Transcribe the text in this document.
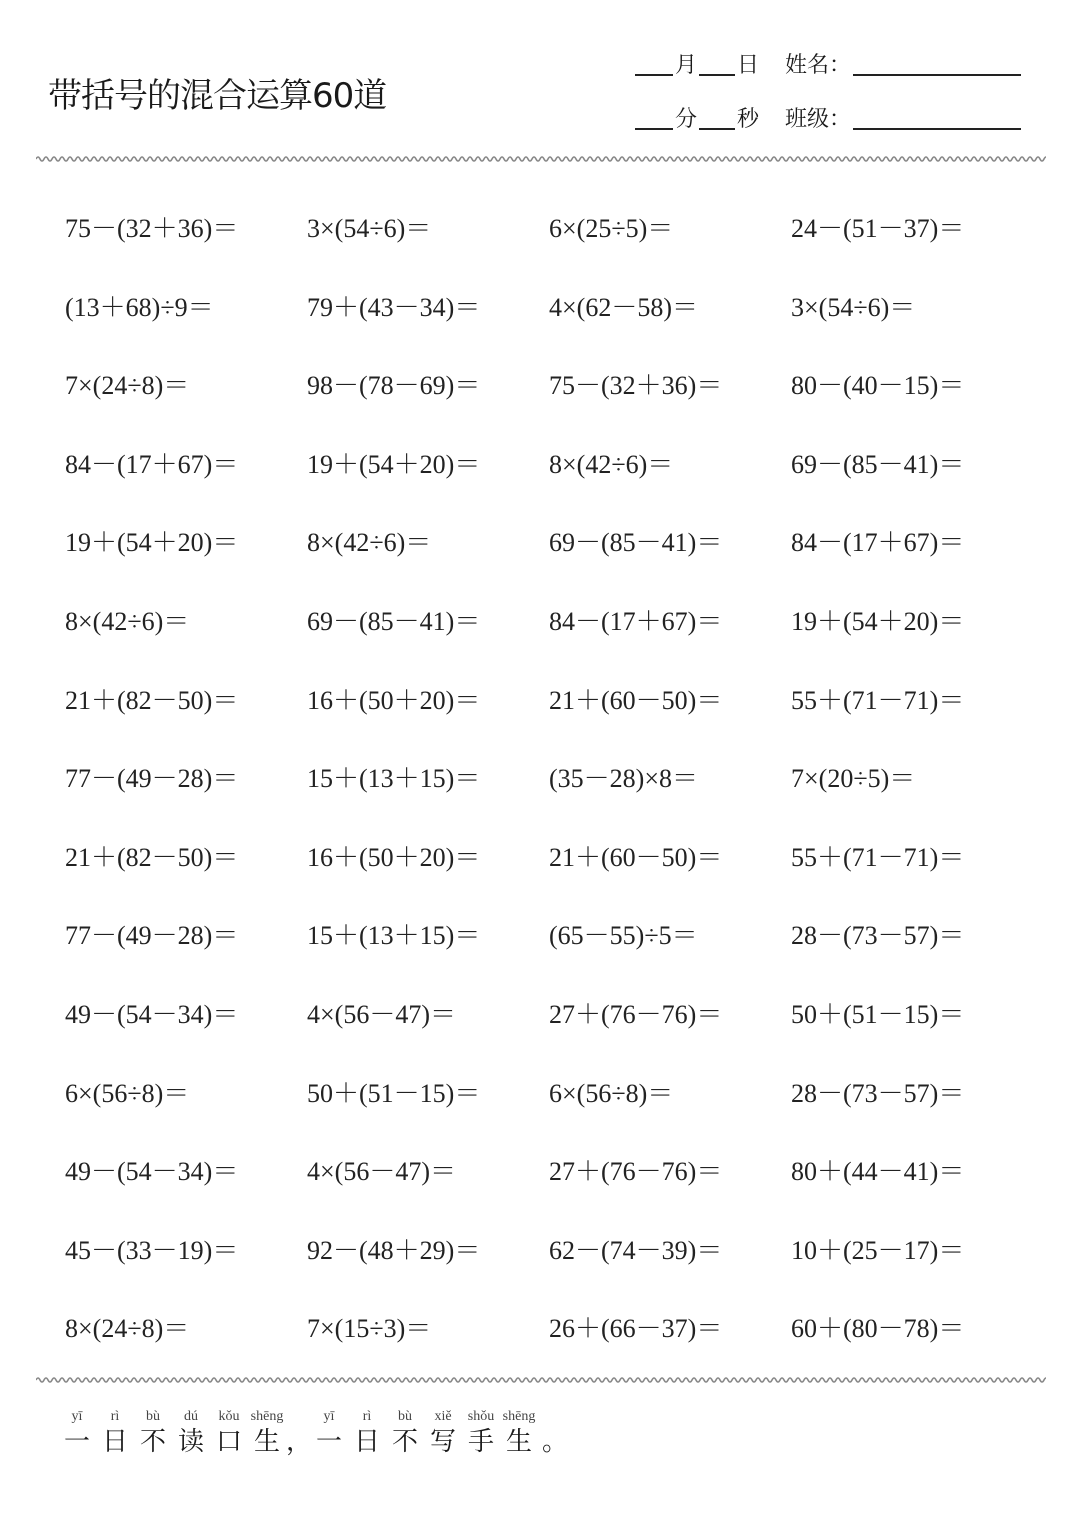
带括号的混合运算60道
月 日 姓名：
分 秒 班级：
75－(32＋36)＝	3×(54÷6)＝	6×(25÷5)＝	24－(51－37)＝
(13＋68)÷9＝	79＋(43－34)＝	4×(62－58)＝	3×(54÷6)＝
7×(24÷8)＝	98－(78－69)＝	75－(32＋36)＝	80－(40－15)＝
84－(17＋67)＝	19＋(54＋20)＝	8×(42÷6)＝	69－(85－41)＝
19＋(54＋20)＝	8×(42÷6)＝	69－(85－41)＝	84－(17＋67)＝
8×(42÷6)＝	69－(85－41)＝	84－(17＋67)＝	19＋(54＋20)＝
21＋(82－50)＝	16＋(50＋20)＝	21＋(60－50)＝	55＋(71－71)＝
77－(49－28)＝	15＋(13＋15)＝	(35－28)×8＝	7×(20÷5)＝
21＋(82－50)＝	16＋(50＋20)＝	21＋(60－50)＝	55＋(71－71)＝
77－(49－28)＝	15＋(13＋15)＝	(65－55)÷5＝	28－(73－57)＝
49－(54－34)＝	4×(56－47)＝	27＋(76－76)＝	50＋(51－15)＝
6×(56÷8)＝	50＋(51－15)＝	6×(56÷8)＝	28－(73－57)＝
49－(54－34)＝	4×(56－47)＝	27＋(76－76)＝	80＋(44－41)＝
45－(33－19)＝	92－(48＋29)＝	62－(74－39)＝	10＋(25－17)＝
8×(24÷8)＝	7×(15÷3)＝	26＋(66－37)＝	60＋(80－78)＝
yī
一
rì
日
bù
不
dú
读
kǒu
口
shēng
生 ，
yī
一
rì
日
bù
不
xiě
写
shǒu
手
shēng
生 。
